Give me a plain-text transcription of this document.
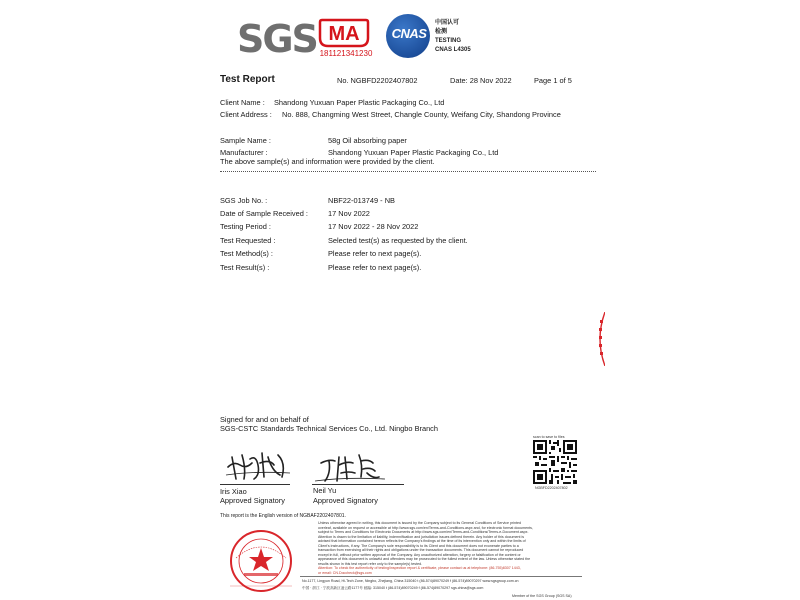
SGS MA
181121341230
CNAS
中国认可
检测
TESTING
CNAS L4305
Test Report	No. NGBFD2202407802	Date: 28 Nov 2022	Page 1 of 5
Client Name : Shandong Yuxuan Paper Plastic Packaging Co., Ltd
Client Address : No. 888, Changming West Street, Changle County, Weifang City, Shandong Province
Sample Name :	58g Oil absorbing paper
Manufacturer :	Shandong Yuxuan Paper Plastic Packaging Co., Ltd
The above sample(s) and information were provided by the client.
SGS Job No. :	NBF22-013749 - NB
Date of Sample Received :	17 Nov 2022
Testing Period :	17 Nov 2022 - 28 Nov 2022
Test Requested :	Selected test(s) as requested by the client.
Test Method(s) :	Please refer to next page(s).
Test Result(s) :	Please refer to next page(s).
Signed for and on behalf of
SGS-CSTC Standards Technical Services Co., Ltd. Ningbo Branch
Iris Xiao
Approved Signatory
Neil Yu
Approved Signatory
scan to save to files
NGBFD2202407802
This report is the English version of NGBAF2202407801.
Unless otherwise agreed in writing, this document is issued by the Company subject to its General Conditions of Service printed
overleaf, available on request or accessible at http://www.sgs.com/en/Terms-and-Conditions.aspx and, for electronic format documents,
subject to Terms and Conditions for Electronic Documents at http://www.sgs.com/en/Terms-and-Conditions/Terms-e-Document.aspx.
Attention is drawn to the limitation of liability, indemnification and jurisdiction issues defined therein. Any holder of this document is
advised that information contained hereon reflects the Company's findings at the time of its intervention only and within the limits of
Client's instructions, if any. The Company's sole responsibility is to its Client and this document does not exonerate parties to a
transaction from exercising all their rights and obligations under the transaction documents. This document cannot be reproduced
except in full, without prior written approval of the Company. Any unauthorized alteration, forgery or falsification of the content or
appearance of this document is unlawful and offenders may be prosecuted to the fullest extent of the law. Unless otherwise stated the
results shown in this test report refer only to the sample(s) tested.
Attention: To check the authenticity of testing/inspection report & certificate, please contact us at telephone: (86-755)8307 1443,
or email: CN.Doccheck@sgs.com
No.1177, Lingyun Road, Hi-Tech Zone, Ningbo, Zhejiang, China 315040 t (86-574)89070249 f (86-574)89070297 www.sgsgroup.com.cn
中国 · 浙江 · 宁波高新区凌云路1177号 邮编: 315040 t (86-574)89070249 f (86-574)89070297 sgs.china@sgs.com
Member of the SGS Group (SGS SA)
